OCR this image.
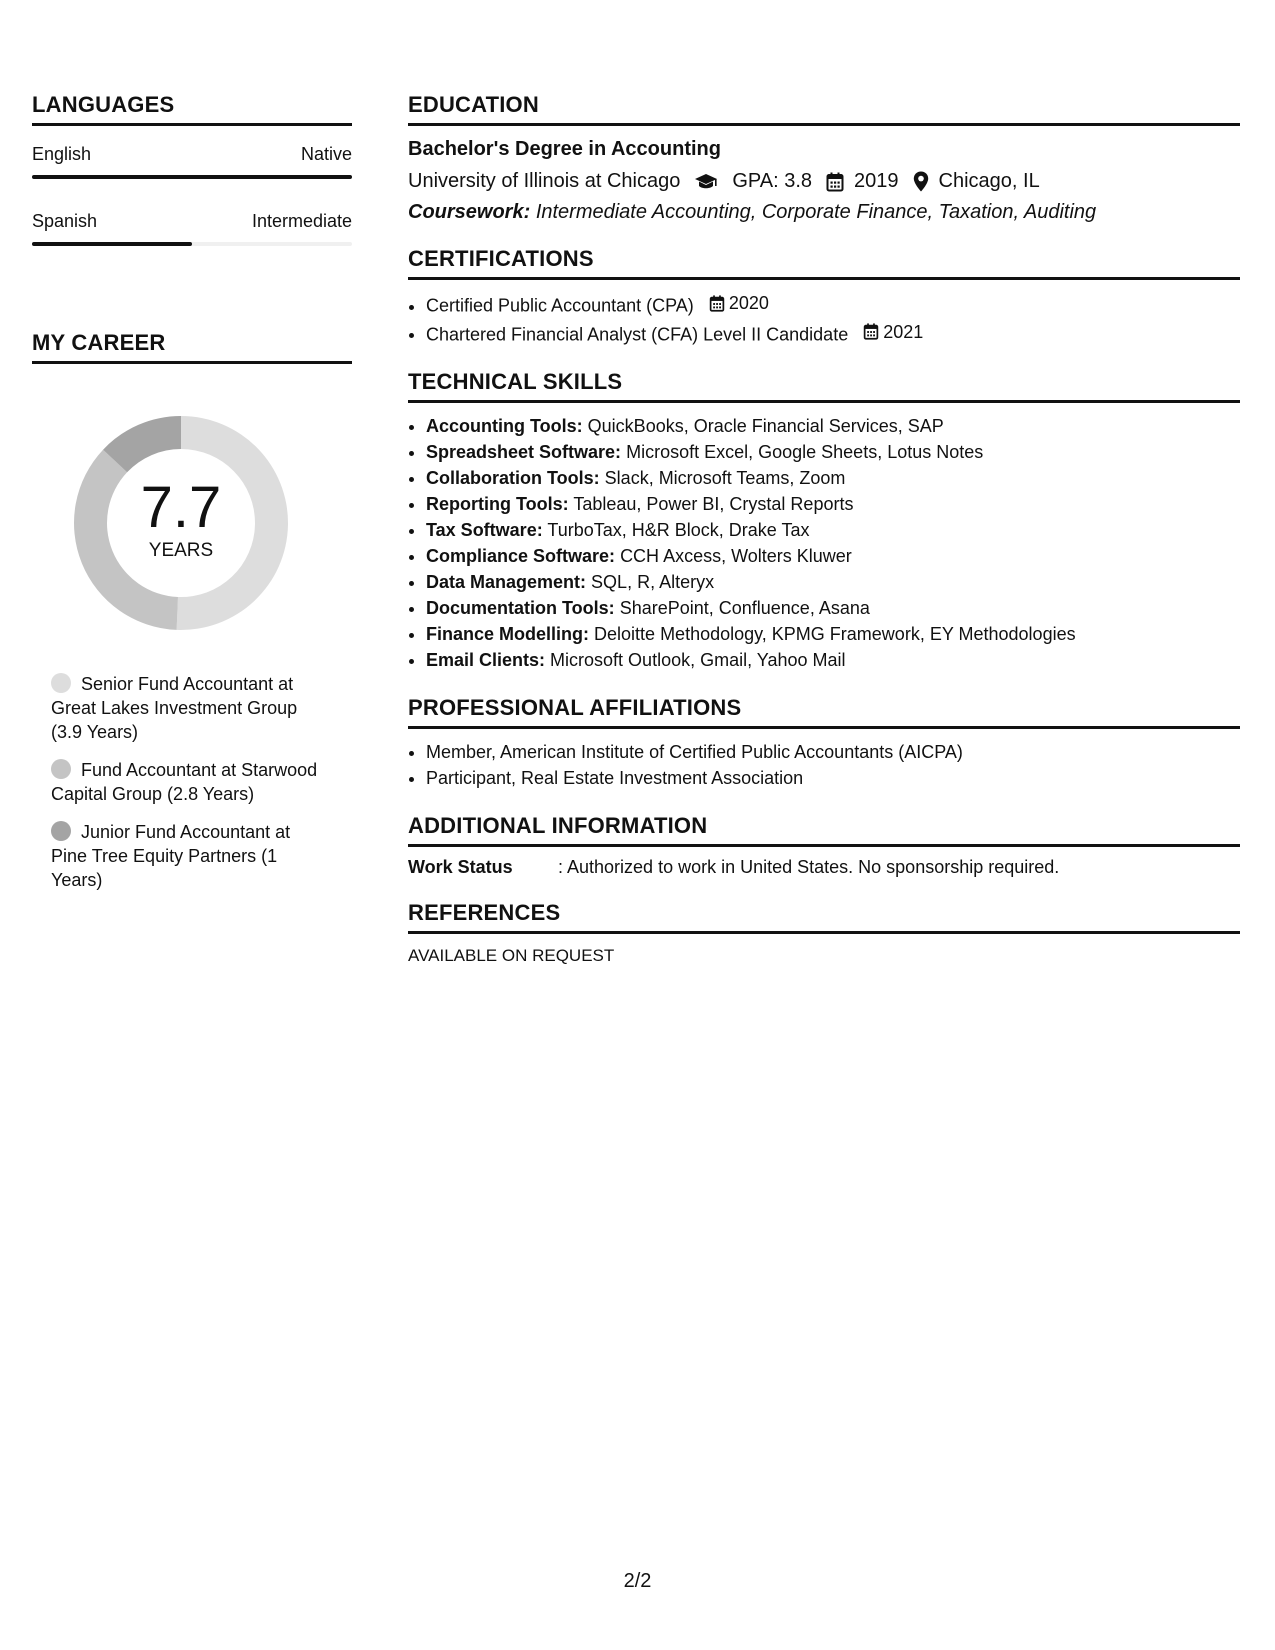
LANGUAGES
English	Native
Spanish	Intermediate
MY CAREER
7.7
YEARS
Senior Fund Accountant at Great Lakes Investment Group (3.9 Years)
Fund Accountant at Starwood Capital Group (2.8 Years)
Junior Fund Accountant at Pine Tree Equity Partners (1 Years)
EDUCATION
Bachelor's Degree in Accounting
University of Illinois at Chicago	GPA: 3.8 2019 Chicago, IL
Coursework: Intermediate Accounting, Corporate Finance, Taxation, Auditing
CERTIFICATIONS
• Certified Public Accountant (CPA) 2020
• Chartered Financial Analyst (CFA) Level II Candidate 2021
TECHNICAL SKILLS
• Accounting Tools: QuickBooks, Oracle Financial Services, SAP
• Spreadsheet Software: Microsoft Excel, Google Sheets, Lotus Notes
• Collaboration Tools: Slack, Microsoft Teams, Zoom
• Reporting Tools: Tableau, Power BI, Crystal Reports
• Tax Software: TurboTax, H&R Block, Drake Tax
• Compliance Software: CCH Axcess, Wolters Kluwer
• Data Management: SQL, R, Alteryx
• Documentation Tools: SharePoint, Confluence, Asana
• Finance Modelling: Deloitte Methodology, KPMG Framework, EY Methodologies
• Email Clients: Microsoft Outlook, Gmail, Yahoo Mail
PROFESSIONAL AFFILIATIONS
• Member, American Institute of Certified Public Accountants (AICPA)
• Participant, Real Estate Investment Association
ADDITIONAL INFORMATION
Work Status	: Authorized to work in United States. No sponsorship required.
REFERENCES
AVAILABLE ON REQUEST
2/2
